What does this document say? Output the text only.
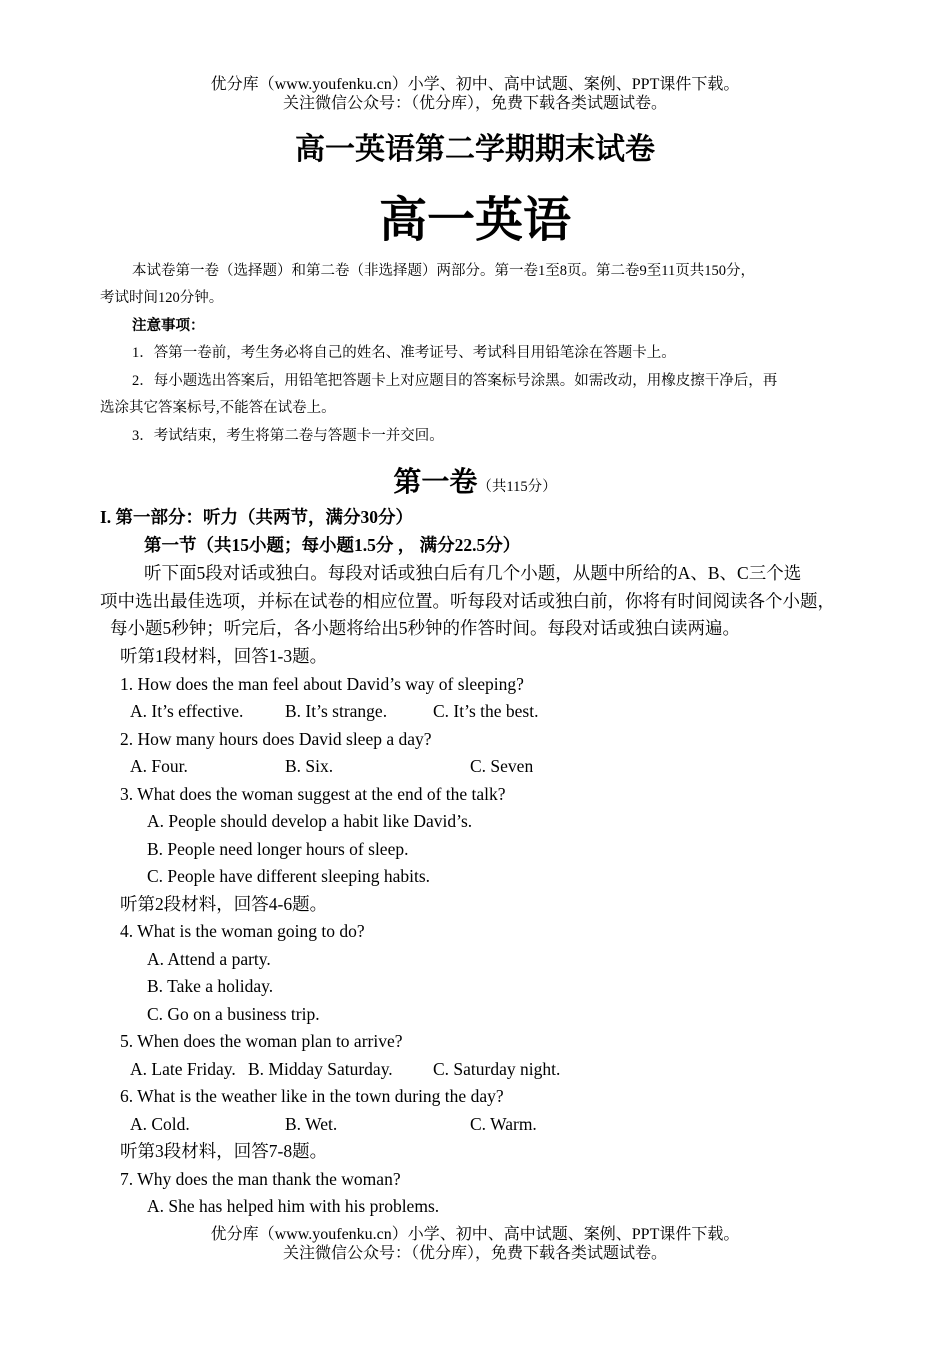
优分库（www.youfenku.cn）小学、初中、高中试题、案例、PPT课件下载。
关注微信公众号：（优分库），免费下载各类试题试卷。
高一英语第二学期期末试卷
高一英语
本试卷第一卷（选择题）和第二卷（非选择题）两部分。第一卷1至8页。第二卷9至11页共150分，
考试时间120分钟。
注意事项：
1．答第一卷前，考生务必将自己的姓名、准考证号、考试科目用铅笔涂在答题卡上。
2．每小题选出答案后，用铅笔把答题卡上对应题目的答案标号涂黑。如需改动，用橡皮擦干净后，再
选涂其它答案标号,不能答在试卷上。
3．考试结束，考生将第二卷与答题卡一并交回。
第一卷（共115分）
I. 第一部分：听力（共两节，满分30分）
第一节（共15小题；每小题1.5分 ， 满分22.5分）
听下面5段对话或独白。每段对话或独白后有几个小题，从题中所给的A、B、C三个选
项中选出最佳选项，并标在试卷的相应位置。听每段对话或独白前，你将有时间阅读各个小题，
每小题5秒钟；听完后，各小题将给出5秒钟的作答时间。每段对话或独白读两遍。
听第1段材料，回答1-3题。
1. How does the man feel about David’s way of sleeping?
A. It’s effective. B. It’s strange.	C. It’s the best.
2. How many hours does David sleep a day?
A. Four.	B. Six.	C. Seven
3. What does the woman suggest at the end of the talk?
A. People should develop a habit like David’s.
B. People need longer hours of sleep.
C. People have different sleeping habits.
听第2段材料，回答4-6题。
4. What is the woman going to do?
A. Attend a party.
B. Take a holiday.
C. Go on a business trip.
5. When does the woman plan to arrive?
A. Late Friday. B. Midday Saturday. C. Saturday night.
6. What is the weather like in the town during the day?
A. Cold.	B. Wet.	C. Warm.
听第3段材料，回答7-8题。
7. Why does the man thank the woman?
A. She has helped him with his problems.
优分库（www.youfenku.cn）小学、初中、高中试题、案例、PPT课件下载。
关注微信公众号：（优分库），免费下载各类试题试卷。
